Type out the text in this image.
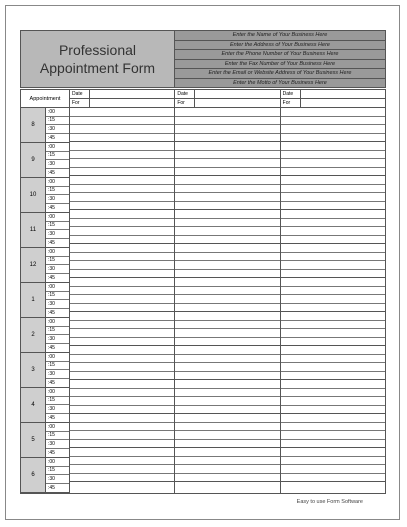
Professional
Appointment Form
Enter the Name of Your Business Here
Enter the Address of Your Business Here
Enter the Phone Number of Your Business Here
Enter the Fax Number of Your Business Here
Enter the Email or Website Address of Your Business Here
Enter the Motto of Your Business Here
Appointment
Date
For
Date
For
Date
For
8
:00
:15
:30
:45
9
:00
:15
:30
:45
10
:00
:15
:30
:45
11
:00
:15
:30
:45
12
:00
:15
:30
:45
1
:00
:15
:30
:45
2
:00
:15
:30
:45
3
:00
:15
:30
:45
4
:00
:15
:30
:45
5
:00
:15
:30
:45
6
:00
:15
:30
:45
Easy to use Form Software
